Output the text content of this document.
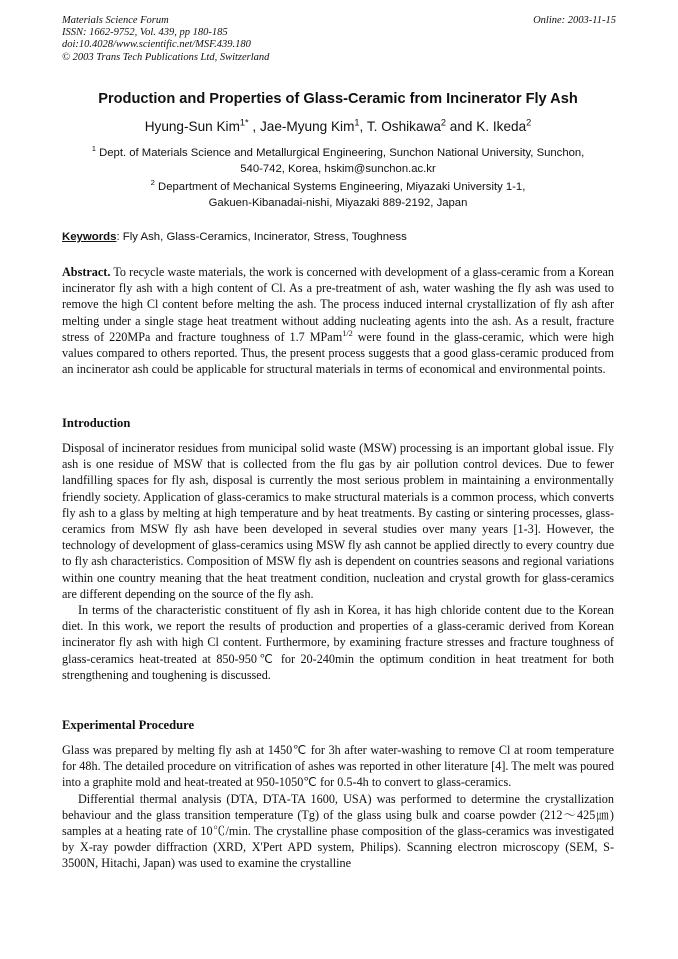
Materials Science Forum
ISSN: 1662-9752, Vol. 439, pp 180-185
doi:10.4028/www.scientific.net/MSF.439.180
© 2003 Trans Tech Publications Ltd, Switzerland
Online: 2003-11-15
Production and Properties of Glass-Ceramic from Incinerator Fly Ash
Hyung-Sun Kim$^{1*}$ , Jae-Myung Kim$^1$, T. Oshikawa$^2$ and K. Ikeda$^2$
$^1$ Dept. of Materials Science and Metallurgical Engineering, Sunchon National University, Sunchon,
540-742, Korea, hskim@sunchon.ac.kr
$^2$ Department of Mechanical Systems Engineering, Miyazaki University 1-1,
Gakuen-Kibanadai-nishi, Miyazaki 889-2192, Japan
Keywords: Fly Ash, Glass-Ceramics, Incinerator, Stress, Toughness
Abstract. To recycle waste materials, the work is concerned with development of a glass-ceramic from a Korean incinerator fly ash with a high content of Cl. As a pre-treatment of ash, water washing the fly ash was used to remove the high Cl content before melting the ash. The process induced internal crystallization of fly ash after melting under a single stage heat treatment without adding nucleating agents into the ash. As a result, fracture stress of 220MPa and fracture toughness of 1.7 MPam$^{1/2}$ were found in the glass-ceramic, which were high values compared to others reported. Thus, the present process suggests that a good glass-ceramic produced from an incinerator ash could be applicable for structural materials in terms of economical and environmental points.
Introduction

Disposal of incinerator residues from municipal solid waste (MSW) processing is an important global issue. Fly ash is one residue of MSW that is collected from the flu gas by air pollution control devices. Due to fewer landfilling spaces for fly ash, disposal is currently the most serious problem in maintaining a environmentally friendly society. Application of glass-ceramics to make structural materials is a common process, which converts fly ash to a glass by melting at high temperature and by heat treatments. By casting or sintering processes, glass-ceramics from MSW fly ash have been developed in several studies over many years [1-3]. However, the technology of development of glass-ceramics using MSW fly ash cannot be applied directly to every country due to fly ash characteristics. Composition of MSW fly ash is dependent on countries seasons and regional variations within one country meaning that the heat treatment condition, nucleation and crystal growth for glass-ceramics are different depending on the source of the fly ash.

In terms of the characteristic constituent of fly ash in Korea, it has high chloride content due to the Korean diet. In this work, we report the results of production and properties of a glass-ceramic derived from Korean incinerator fly ash with high Cl content. Furthermore, by examining fracture stresses and fracture toughness of glass-ceramics heat-treated at 850-950℃ for 20-240min the optimum condition in heat treatment for both strengthening and toughening is discussed.

Experimental Procedure

Glass was prepared by melting fly ash at 1450℃ for 3h after water-washing to remove Cl at room temperature for 48h. The detailed procedure on vitrification of ashes was reported in other literature [4]. The melt was poured into a graphite mold and heat-treated at 950-1050℃ for 0.5-4h to convert to glass-ceramics.

Differential thermal analysis (DTA, DTA-TA 1600, USA) was performed to determine the crystallization behaviour and the glass transition temperature (Tg) of the glass using bulk and coarse powder (212～425㎛) samples at a heating rate of 10℃/min. The crystalline phase composition of the glass-ceramics was investigated by X-ray powder diffraction (XRD, X'Pert APD system, Philips). Scanning electron microscopy (SEM, S-3500N, Hitachi, Japan) was used to examine the crystalline
